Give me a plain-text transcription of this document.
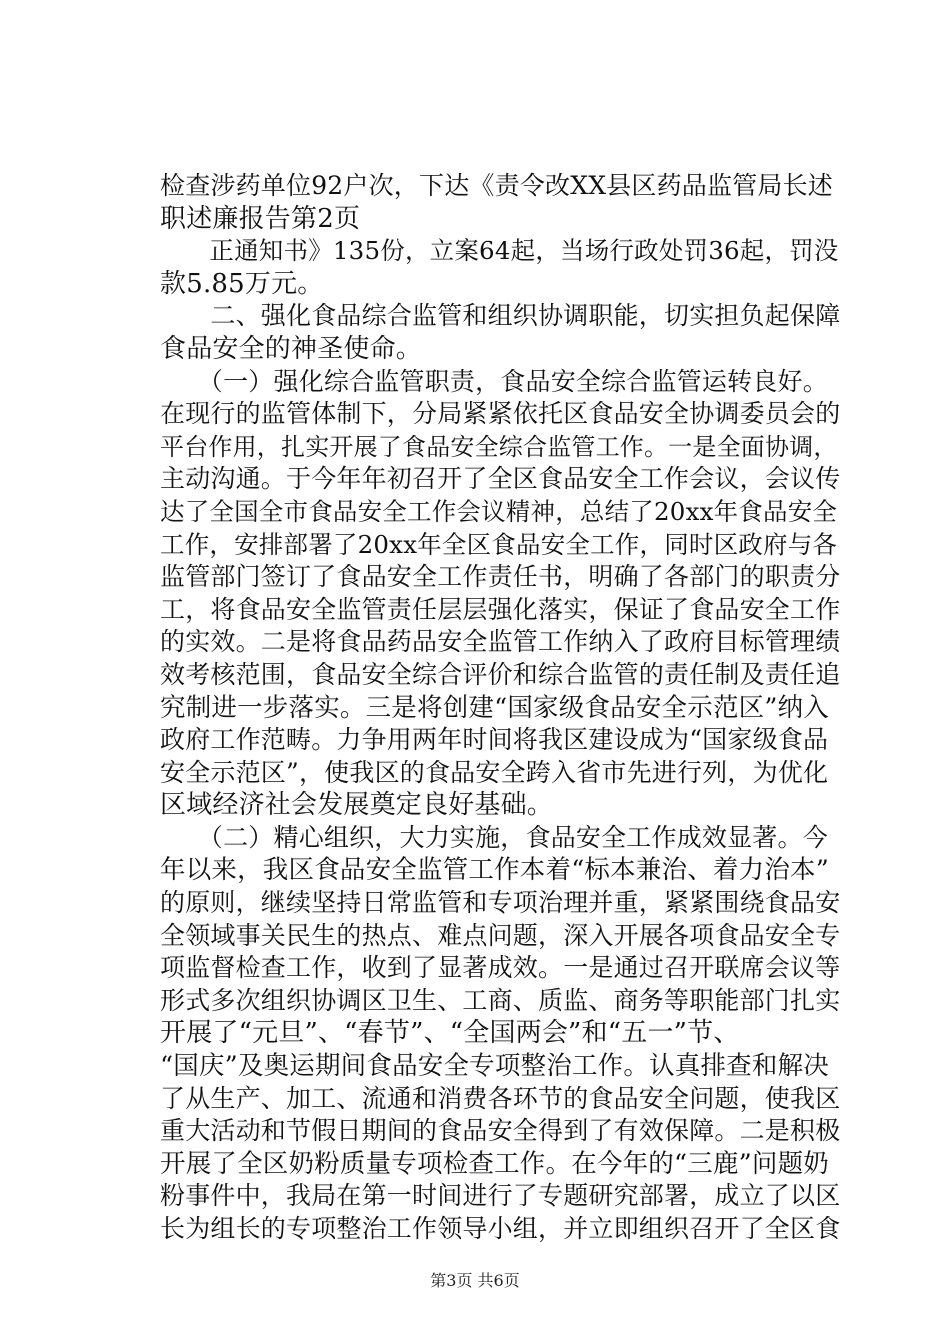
检查涉药单位92户次，下达《责令改XX县区药品监管局长述
职述廉报告第2页
　　正通知书》135份，立案64起，当场行政处罚36起，罚没
款5.85万元。
　　二、强化食品综合监管和组织协调职能，切实担负起保障
食品安全的神圣使命。
　　（一）强化综合监管职责，食品安全综合监管运转良好。
在现行的监管体制下，分局紧紧依托区食品安全协调委员会的
平台作用，扎实开展了食品安全综合监管工作。一是全面协调，
主动沟通。于今年年初召开了全区食品安全工作会议，会议传
达了全国全市食品安全工作会议精神，总结了20xx年食品安全
工作，安排部署了20xx年全区食品安全工作，同时区政府与各
监管部门签订了食品安全工作责任书，明确了各部门的职责分
工，将食品安全监管责任层层强化落实，保证了食品安全工作
的实效。二是将食品药品安全监管工作纳入了政府目标管理绩
效考核范围，食品安全综合评价和综合监管的责任制及责任追
究制进一步落实。三是将创建“国家级食品安全示范区”纳入
政府工作范畴。力争用两年时间将我区建设成为“国家级食品
安全示范区”，使我区的食品安全跨入省市先进行列，为优化
区域经济社会发展奠定良好基础。
　　（二）精心组织，大力实施，食品安全工作成效显著。今
年以来，我区食品安全监管工作本着“标本兼治、着力治本”
的原则，继续坚持日常监管和专项治理并重，紧紧围绕食品安
全领域事关民生的热点、难点问题，深入开展各项食品安全专
项监督检查工作，收到了显著成效。一是通过召开联席会议等
形式多次组织协调区卫生、工商、质监、商务等职能部门扎实
开展了“元旦”、“春节”、“全国两会”和“五一”节、
“国庆”及奥运期间食品安全专项整治工作。认真排查和解决
了从生产、加工、流通和消费各环节的食品安全问题，使我区
重大活动和节假日期间的食品安全得到了有效保障。二是积极
开展了全区奶粉质量专项检查工作。在今年的“三鹿”问题奶
粉事件中，我局在第一时间进行了专题研究部署，成立了以区
长为组长的专项整治工作领导小组，并立即组织召开了全区食
第3页 共6页
